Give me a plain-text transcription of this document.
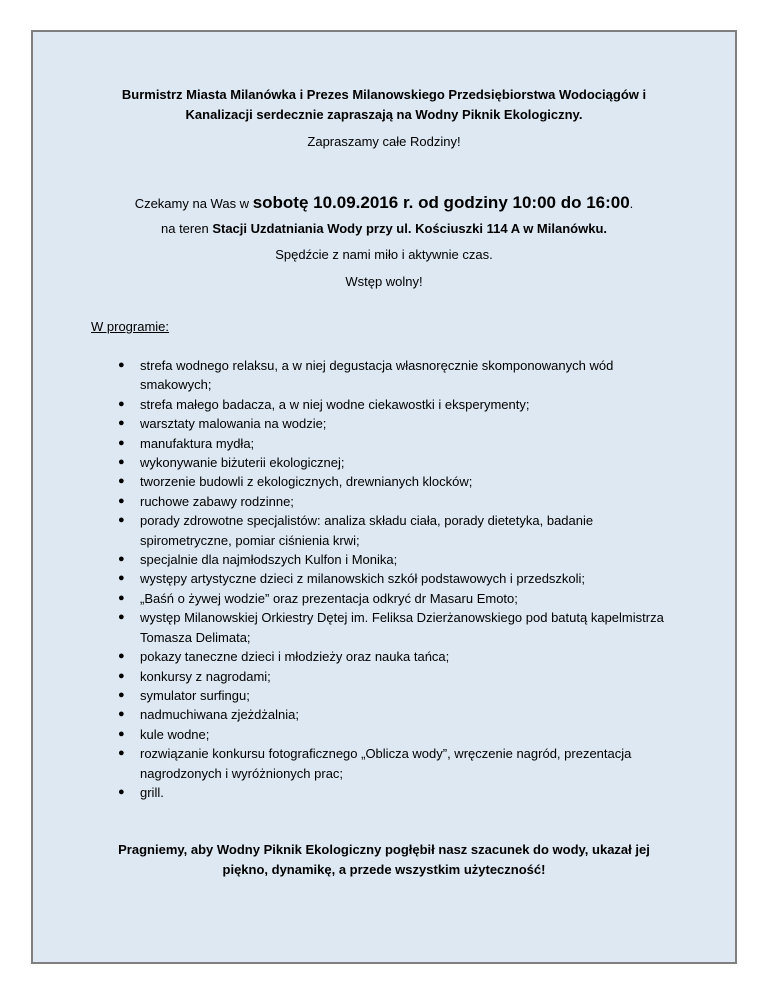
Burmistrz Miasta Milanówka i Prezes Milanowskiego Przedsiębiorstwa Wodociągów i Kanalizacji serdecznie zapraszają na Wodny Piknik Ekologiczny.
Zapraszamy całe Rodziny!
Czekamy na Was w sobotę 10.09.2016 r. od godziny 10:00 do 16:00.
na teren Stacji Uzdatniania Wody przy ul. Kościuszki 114 A w Milanówku.
Spędźcie z nami miło i aktywnie czas.
Wstęp wolny!
W programie:
● strefa wodnego relaksu, a w niej degustacja własnoręcznie skomponowanych wód smakowych;
● strefa małego badacza, a w niej wodne ciekawostki i eksperymenty;
● warsztaty malowania na wodzie;
● manufaktura mydła;
● wykonywanie biżuterii ekologicznej;
● tworzenie budowli z ekologicznych, drewnianych klocków;
● ruchowe zabawy rodzinne;
● porady zdrowotne specjalistów: analiza składu ciała, porady dietetyka, badanie spirometryczne, pomiar ciśnienia krwi;
● specjalnie dla najmłodszych Kulfon i Monika;
● występy artystyczne dzieci z milanowskich szkół podstawowych i przedszkoli;
● „Baśń o żywej wodzie” oraz prezentacja odkryć dr Masaru Emoto;
● występ Milanowskiej Orkiestry Dętej im. Feliksa Dzierżanowskiego pod batutą kapelmistrza Tomasza Delimata;
● pokazy taneczne dzieci i młodzieży oraz nauka tańca;
● konkursy z nagrodami;
● symulator surfingu;
● nadmuchiwana zjeżdżalnia;
● kule wodne;
● rozwiązanie konkursu fotograficznego „Oblicza wody”, wręczenie nagród, prezentacja nagrodzonych i wyróżnionych prac;
● grill.
Pragniemy, aby Wodny Piknik Ekologiczny pogłębił nasz szacunek do wody, ukazał jej piękno, dynamikę, a przede wszystkim użyteczność!
